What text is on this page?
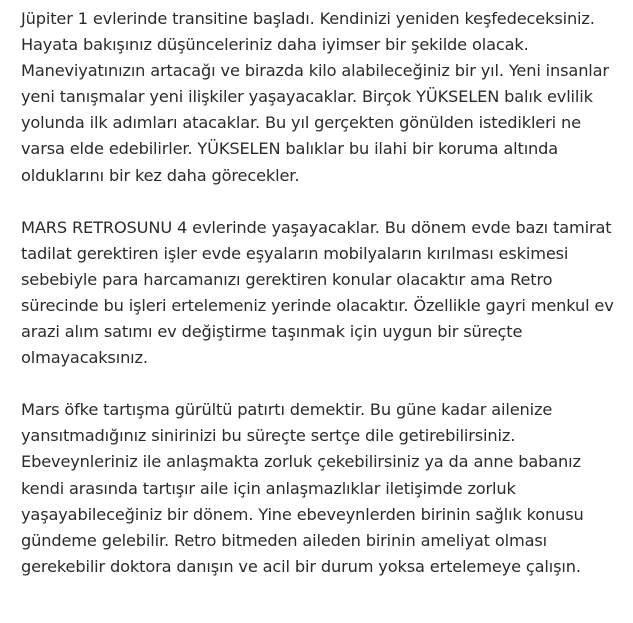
Jüpiter 1 evlerinde transitine başladı. Kendinizi yeniden keşfedeceksiniz.
Hayata bakışınız düşünceleriniz daha iyimser bir şekilde olacak.
Maneviyatınızın artacağı ve birazda kilo alabileceğiniz bir yıl. Yeni insanlar
yeni tanışmalar yeni ilişkiler yaşayacaklar. Birçok YÜKSELEN balık evlilik
yolunda ilk adımları atacaklar. Bu yıl gerçekten gönülden istedikleri ne
varsa elde edebilirler. YÜKSELEN balıklar bu ilahi bir koruma altında
olduklarını bir kez daha görecekler.

MARS RETROSUNU 4 evlerinde yaşayacaklar. Bu dönem evde bazı tamirat
tadilat gerektiren işler evde eşyaların mobilyaların kırılması eskimesi
sebebiyle para harcamanızı gerektiren konular olacaktır ama Retro
sürecinde bu işleri ertelemeniz yerinde olacaktır. Özellikle gayri menkul ev
arazi alım satımı ev değiştirme taşınmak için uygun bir süreçte
olmayacaksınız.

Mars öfke tartışma gürültü patırtı demektir. Bu güne kadar ailenize
yansıtmadığınız sinirinizi bu süreçte sertçe dile getirebilirsiniz.
Ebeveynleriniz ile anlaşmakta zorluk çekebilirsiniz ya da anne babanız
kendi arasında tartışır aile için anlaşmazlıklar iletişimde zorluk
yaşayabileceğiniz bir dönem. Yine ebeveynlerden birinin sağlık konusu
gündeme gelebilir. Retro bitmeden aileden birinin ameliyat olması
gerekebilir doktora danışın ve acil bir durum yoksa ertelemeye çalışın.
